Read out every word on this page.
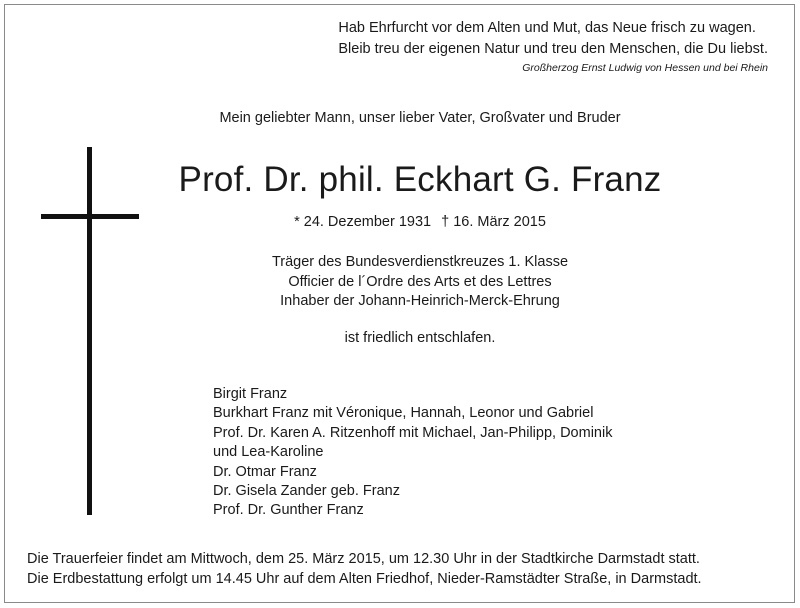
Hab Ehrfurcht vor dem Alten und Mut, das Neue frisch zu wagen.
Bleib treu der eigenen Natur und treu den Menschen, die Du liebst.
Großherzog Ernst Ludwig von Hessen und bei Rhein
Mein geliebter Mann, unser lieber Vater, Großvater und Bruder
Prof. Dr. phil. Eckhart G. Franz
* 24. Dezember 1931 † 16. März 2015
Träger des Bundesverdienstkreuzes 1. Klasse
Officier de l´Ordre des Arts et des Lettres
Inhaber der Johann-Heinrich-Merck-Ehrung
ist friedlich entschlafen.
Birgit Franz
Burkhart Franz mit Véronique, Hannah, Leonor und Gabriel
Prof. Dr. Karen A. Ritzenhoff mit Michael, Jan-Philipp, Dominik
und Lea-Karoline
Dr. Otmar Franz
Dr. Gisela Zander geb. Franz
Prof. Dr. Gunther Franz
Die Trauerfeier findet am Mittwoch, dem 25. März 2015, um 12.30 Uhr in der Stadtkirche Darmstadt statt.
Die Erdbestattung erfolgt um 14.45 Uhr auf dem Alten Friedhof, Nieder-Ramstädter Straße, in Darmstadt.
